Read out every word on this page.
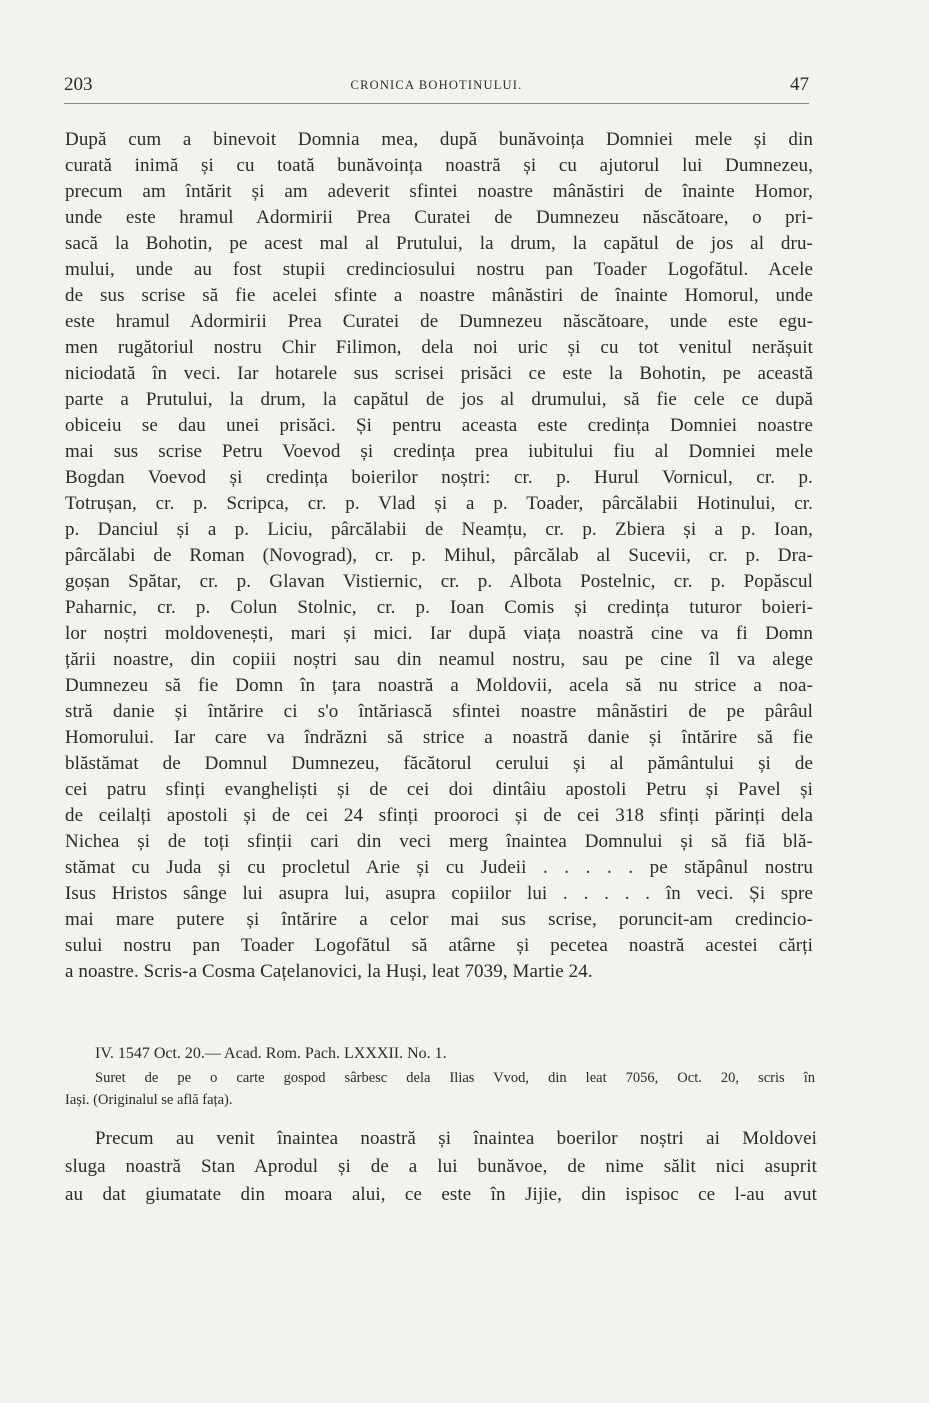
203	CRONICA BOHOTINULUI.	47
După cum a binevoit Domnia mea, după bunăvoința Domniei mele și din
curată inimă și cu toată bunăvoința noastră și cu ajutorul lui Dumnezeu,
precum am întărit și am adeverit sfintei noastre mânăstiri de înainte Homor,
unde este hramul Adormirii Prea Curatei de Dumnezeu născătoare, o pri-
sacă la Bohotin, pe acest mal al Prutului, la drum, la capătul de jos al dru-
mului, unde au fost stupii credinciosului nostru pan Toader Logofătul. Acele
de sus scrise să fie acelei sfinte a noastre mânăstiri de înainte Homorul, unde
este hramul Adormirii Prea Curatei de Dumnezeu născătoare, unde este egu-
men rugătoriul nostru Chir Filimon, dela noi uric și cu tot venitul nerășuit
niciodată în veci. Iar hotarele sus scrisei prisăci ce este la Bohotin, pe această
parte a Prutului, la drum, la capătul de jos al drumului, să fie cele ce după
obiceiu se dau unei prisăci. Și pentru aceasta este credința Domniei noastre
mai sus scrise Petru Voevod și credința prea iubitului fiu al Domniei mele
Bogdan Voevod și credința boierilor noștri: cr. p. Hurul Vornicul, cr. p.
Totrușan, cr. p. Scripca, cr. p. Vlad și a p. Toader, pârcălabii Hotinului, cr.
p. Danciul și a p. Liciu, pârcălabii de Neamțu, cr. p. Zbiera și a p. Ioan,
pârcălabi de Roman (Novograd), cr. p. Mihul, pârcălab al Sucevii, cr. p. Dra-
goșan Spătar, cr. p. Glavan Vistiernic, cr. p. Albota Postelnic, cr. p. Popăscul
Paharnic, cr. p. Colun Stolnic, cr. p. Ioan Comis și credința tuturor boieri-
lor noștri moldovenești, mari și mici. Iar după viața noastră cine va fi Domn
țării noastre, din copiii noștri sau din neamul nostru, sau pe cine îl va alege
Dumnezeu să fie Domn în țara noastră a Moldovii, acela să nu strice a noa-
stră danie și întărire ci s'o întăriască sfintei noastre mânăstiri de pe pârâul
Homorului. Iar care va îndrăzni să strice a noastră danie și întărire să fie
blăstămat de Domnul Dumnezeu, făcătorul cerului și al pământului și de
cei patru sfinți evangheliști și de cei doi dintâiu apostoli Petru și Pavel și
de ceilalți apostoli și de cei 24 sfinți prooroci și de cei 318 sfinți părinți dela
Nichea și de toți sfinții cari din veci merg înaintea Domnului și să fiă blă-
stămat cu Juda și cu procletul Arie și cu Judeii . . . . . pe stăpânul nostru
Isus Hristos sânge lui asupra lui, asupra copiilor lui . . . . . în veci. Și spre
mai mare putere și întărire a celor mai sus scrise, poruncit-am credincio-
sului nostru pan Toader Logofătul să atârne și pecetea noastră acestei cărți
a noastre. Scris-a Cosma Cațelanovici, la Huși, leat 7039, Martie 24.
IV. 1547 Oct. 20.— Acad. Rom. Pach. LXXXII. No. 1.
Suret de pe o carte gospod sârbesc dela Ilias Vvod, din leat 7056, Oct. 20, scris în
Iași. (Originalul se află fața).
Precum au venit înaintea noastră și înaintea boerilor noștri ai Moldovei
sluga noastră Stan Aprodul și de a lui bunăvoe, de nime sălit nici asuprit
au dat giumatate din moara alui, ce este în Jijie, din ispisoc ce l-au avut
